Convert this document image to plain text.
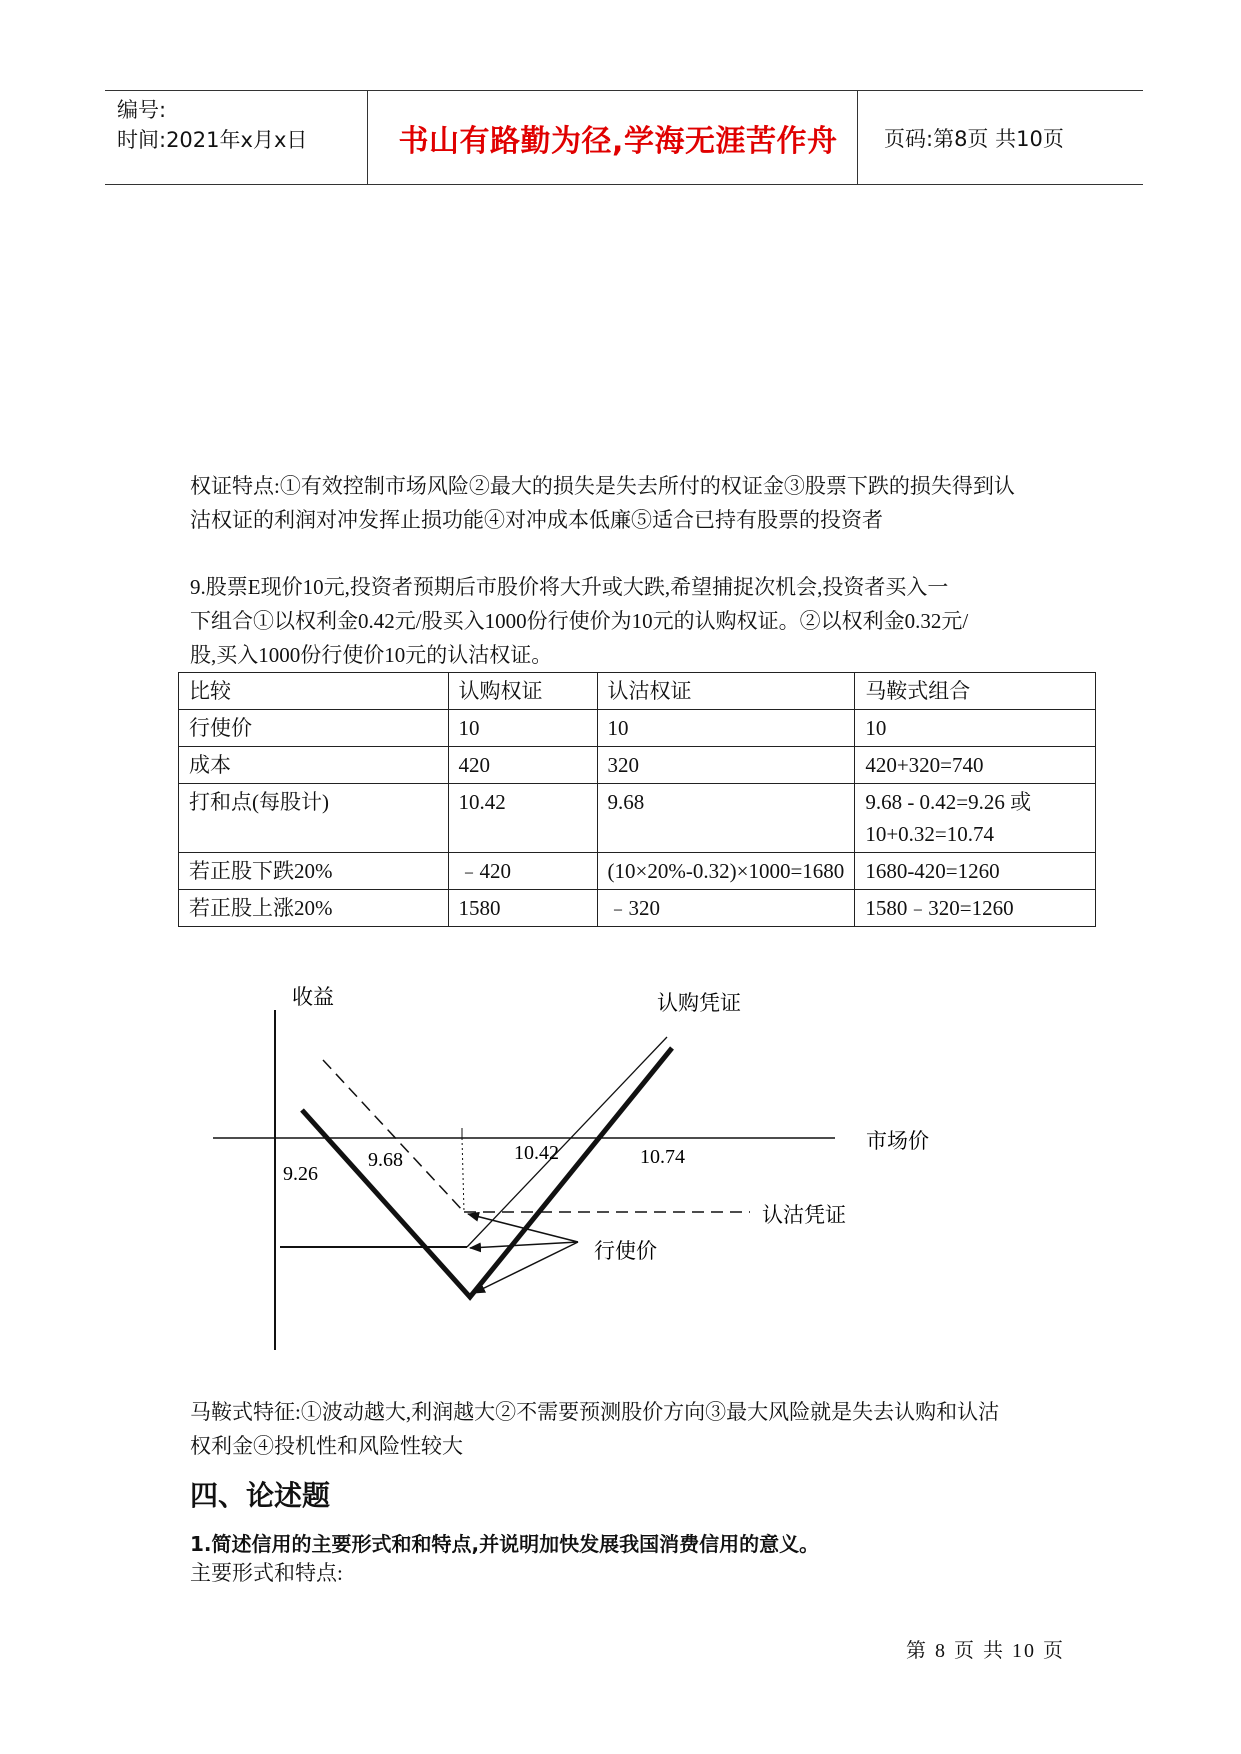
编号:
时间:2021年x月x日	书山有路勤为径,学海无涯苦作舟	页码:第8页 共10页
权证特点:①有效控制市场风险②最大的损失是失去所付的权证金③股票下跌的损失得到认
沽权证的利润对冲发挥止损功能④对冲成本低廉⑤适合已持有股票的投资者
9.股票E现价10元,投资者预期后市股价将大升或大跌,希望捕捉次机会,投资者买入一
下组合①以权利金0.42元/股买入1000份行使价为10元的认购权证。②以权利金0.32元/
股,买入1000份行使价10元的认沽权证。
比较	认购权证	认沽权证	马鞍式组合
行使价	10	10	10
成本	420	320	420+320=740
打和点(每股计)	10.42	9.68	9.68 - 0.42=9.26 或 10+0.32=10.74
若正股下跌20%	﹣420	(10×20%-0.32)×1000=1680	1680-420=1260
若正股上涨20%	1580	﹣320	1580﹣320=1260
收益	认购凭证
市场价
认沽凭证
行使价
9.26
9.68	10.42	10.74
马鞍式特征:①波动越大,利润越大②不需要预测股价方向③最大风险就是失去认购和认沽
权利金④投机性和风险性较大
四、论述题
1.简述信用的主要形式和和特点,并说明加快发展我国消费信用的意义。
主要形式和特点:
第 8 页 共 10 页
